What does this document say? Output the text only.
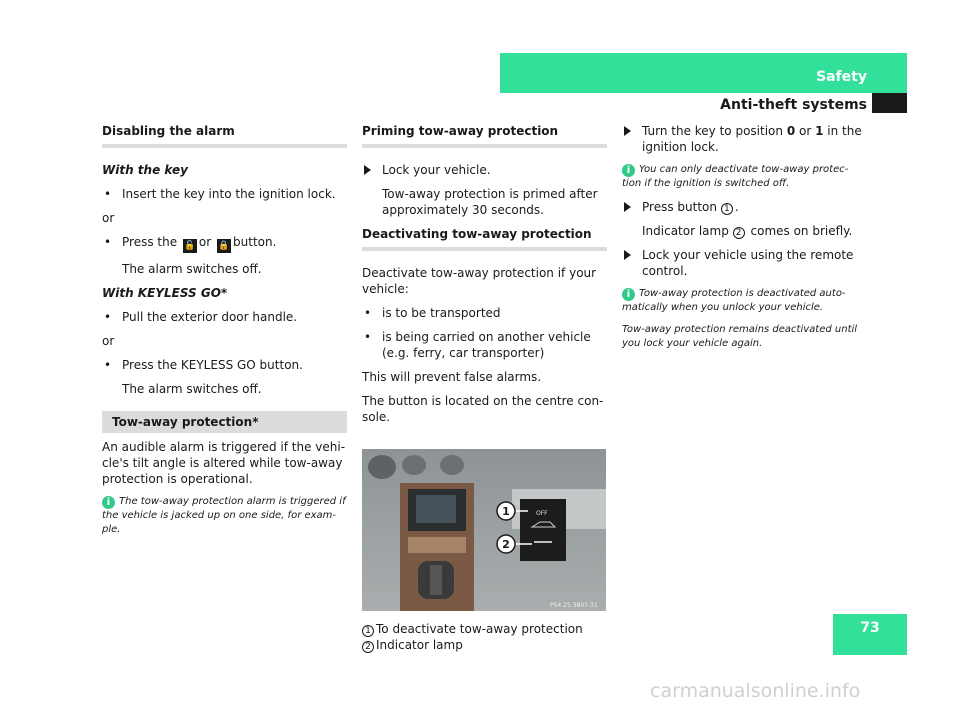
Safety
Anti-theft systems
Disabling the alarm
With the key
• Insert the key into the ignition lock.
or
• Press the 🔓 or 🔒 button.
The alarm switches off.
With KEYLESS GO*
• Pull the exterior door handle.
or
• Press the KEYLESS GO button.
The alarm switches off.
Tow-away protection*
An audible alarm is triggered if the vehi-cle's tilt angle is altered while tow-away protection is operational.
i The tow-away protection alarm is triggered if the vehicle is jacked up on one side, for exam-ple.
Priming tow-away protection
Lock your vehicle.
Tow-away protection is primed after approximately 30 seconds.
Deactivating tow-away protection
Deactivate tow-away protection if your vehicle:
• is to be transported
• is being carried on another vehicle (e.g. ferry, car transporter)
This will prevent false alarms.
The button is located on the centre con-sole.
OFF
1
2
P54.25.3807-31
1 To deactivate tow-away protection
2 Indicator lamp
Turn the key to position 0 or 1 in the ignition lock.
i You can only deactivate tow-away protec-tion if the ignition is switched off.
Press button 1 .
Indicator lamp 2 comes on briefly.
Lock your vehicle using the remote control.
i Tow-away protection is deactivated auto-matically when you unlock your vehicle.
Tow-away protection remains deactivated until you lock your vehicle again.
73
carmanualsonline.info
